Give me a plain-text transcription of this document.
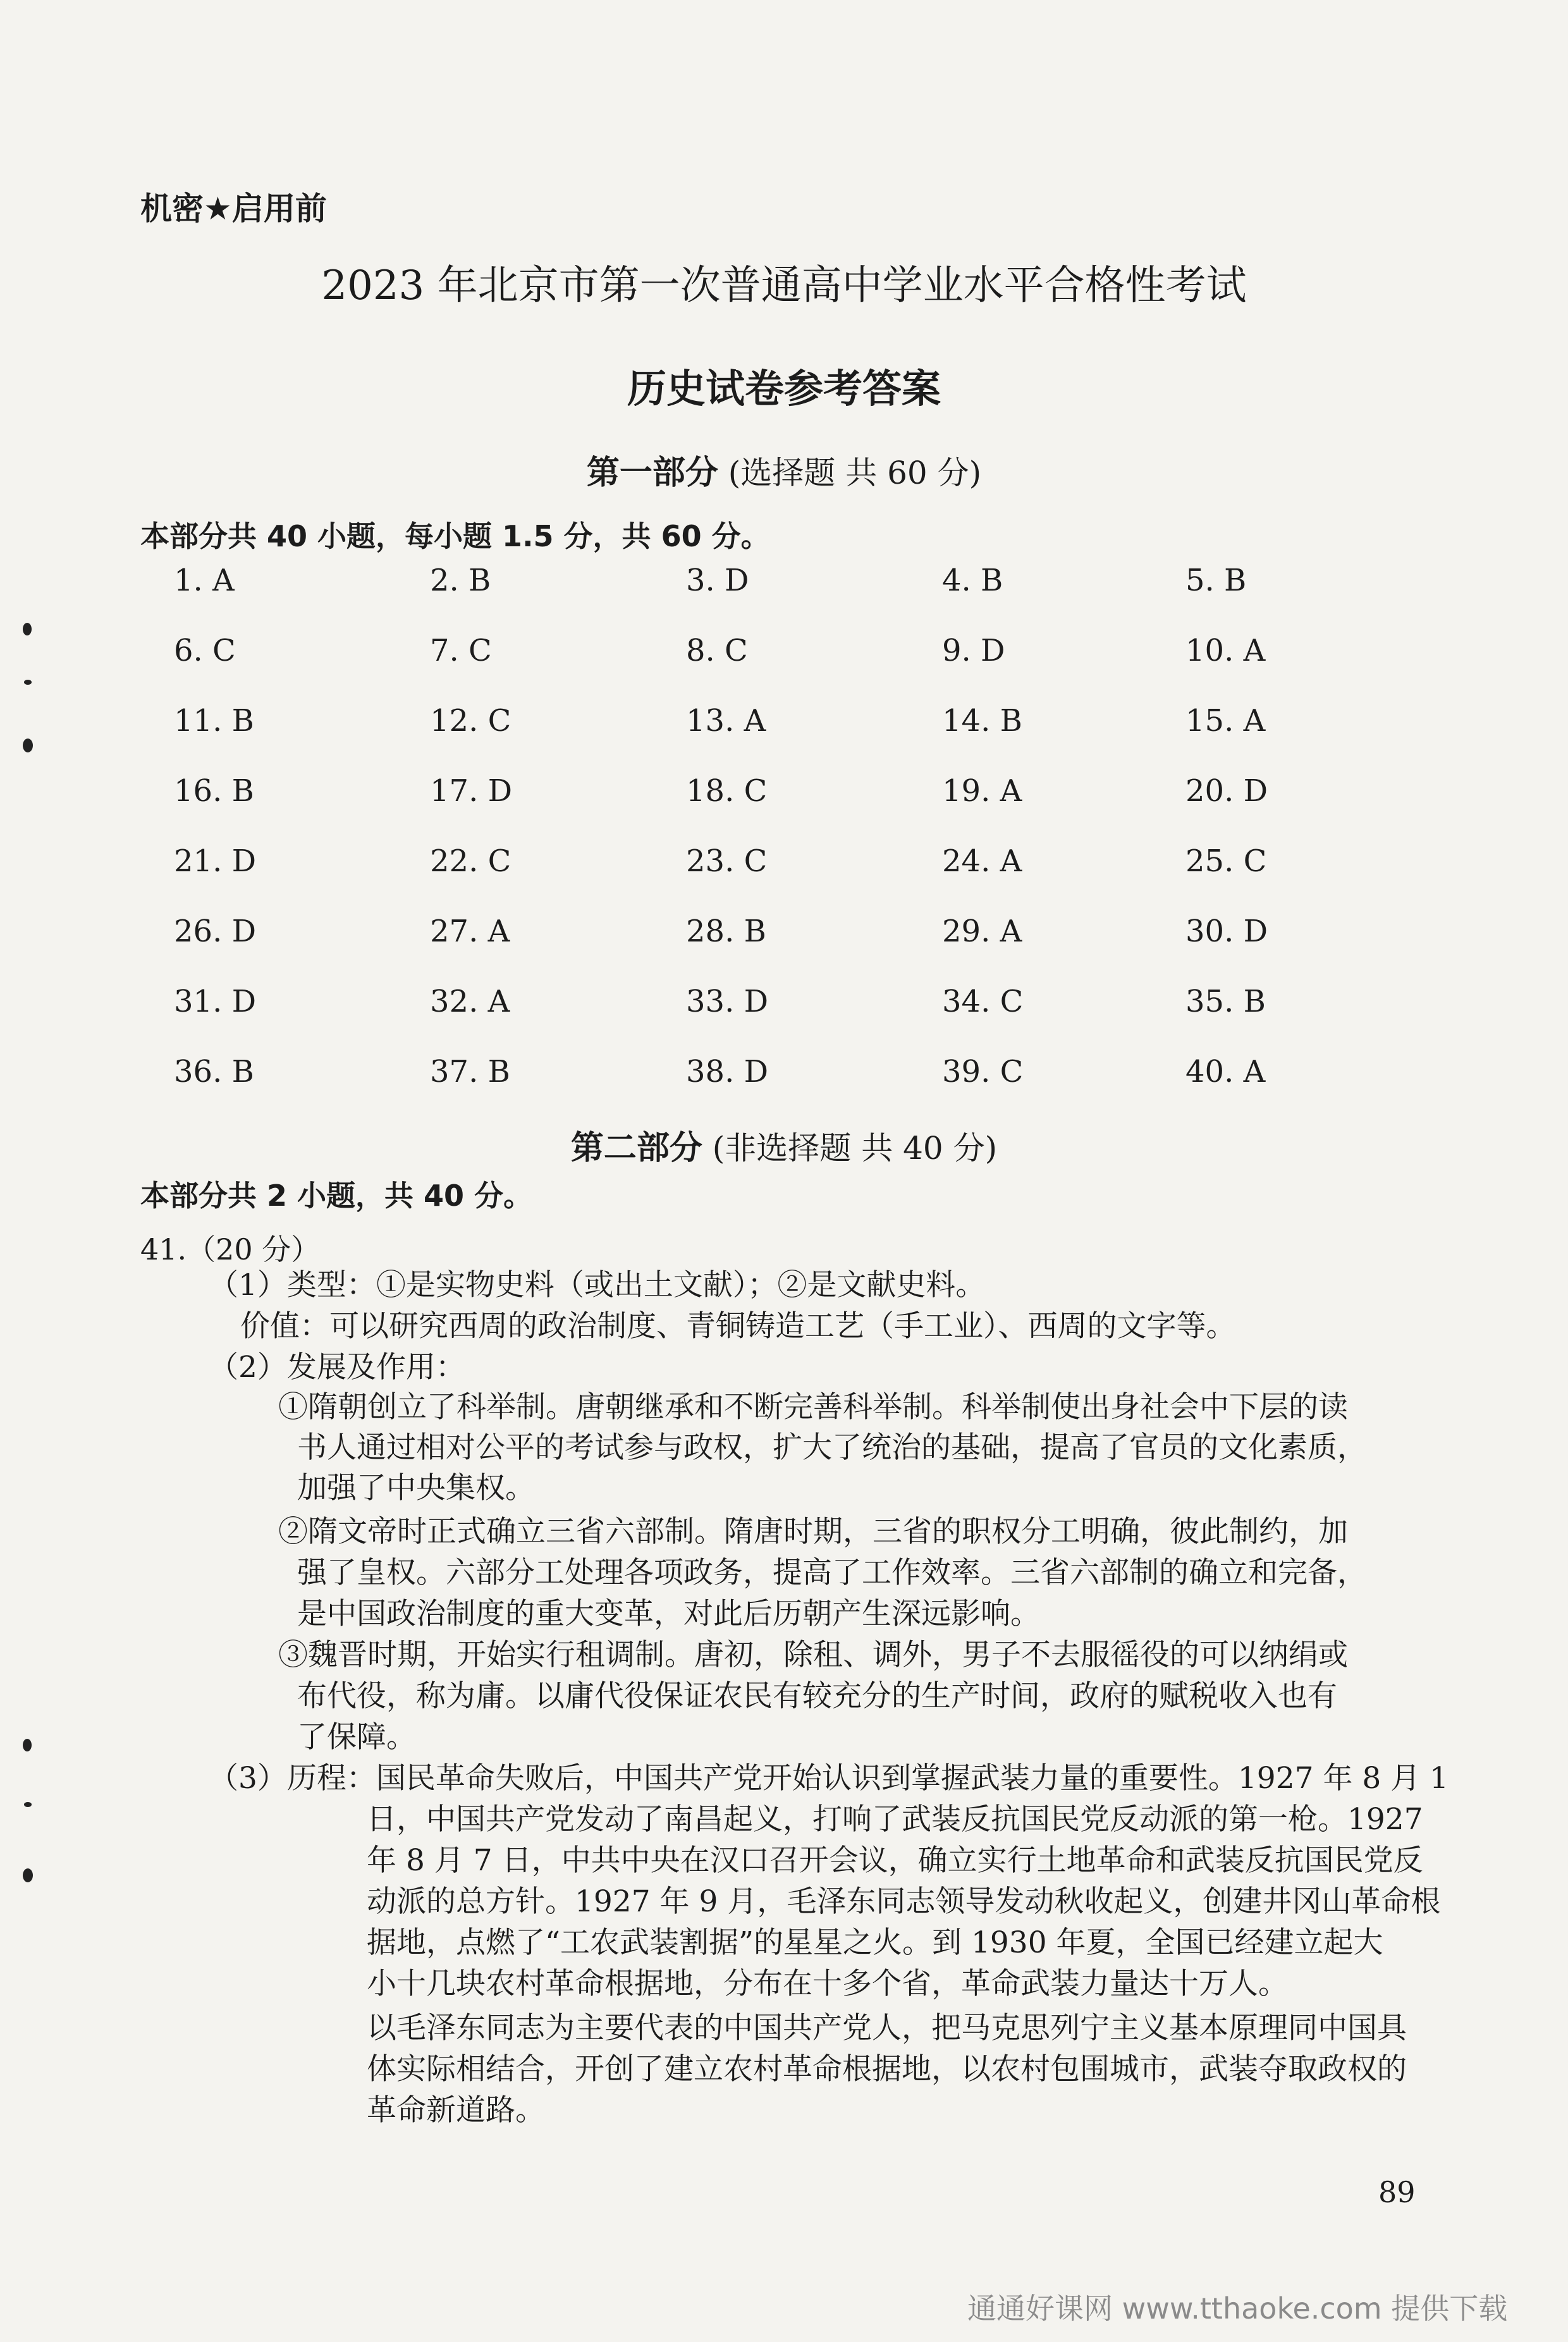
机密★启用前
2023 年北京市第一次普通高中学业水平合格性考试
历史试卷参考答案
第一部分 (选择题 共 60 分)
本部分共 40 小题，每小题 1.5 分，共 60 分。
1. A	2. B	3. D	4. B	5. B
6. C	7. C	8. C	9. D	10. A
11. B	12. C	13. A	14. B	15. A
16. B	17. D	18. C	19. A	20. D
21. D	22. C	23. C	24. A	25. C
26. D	27. A	28. B	29. A	30. D
31. D	32. A	33. D	34. C	35. B
36. B	37. B	38. D	39. C	40. A
第二部分 (非选择题 共 40 分)
本部分共 2 小题，共 40 分。
41.（20 分）
（1）类型：①是实物史料（或出土文献）；②是文献史料。
价值：可以研究西周的政治制度、青铜铸造工艺（手工业）、西周的文字等。
（2）发展及作用：
①隋朝创立了科举制。唐朝继承和不断完善科举制。科举制使出身社会中下层的读
书人通过相对公平的考试参与政权，扩大了统治的基础，提高了官员的文化素质，
加强了中央集权。
②隋文帝时正式确立三省六部制。隋唐时期，三省的职权分工明确，彼此制约，加
强了皇权。六部分工处理各项政务，提高了工作效率。三省六部制的确立和完备，
是中国政治制度的重大变革，对此后历朝产生深远影响。
③魏晋时期，开始实行租调制。唐初，除租、调外，男子不去服徭役的可以纳绢或
布代役，称为庸。以庸代役保证农民有较充分的生产时间，政府的赋税收入也有
了保障。
（3）历程：国民革命失败后，中国共产党开始认识到掌握武装力量的重要性。1927 年 8 月 1
日，中国共产党发动了南昌起义，打响了武装反抗国民党反动派的第一枪。1927
年 8 月 7 日，中共中央在汉口召开会议，确立实行土地革命和武装反抗国民党反
动派的总方针。1927 年 9 月，毛泽东同志领导发动秋收起义，创建井冈山革命根
据地，点燃了“工农武装割据”的星星之火。到 1930 年夏，全国已经建立起大
小十几块农村革命根据地，分布在十多个省，革命武装力量达十万人。
以毛泽东同志为主要代表的中国共产党人，把马克思列宁主义基本原理同中国具
体实际相结合，开创了建立农村革命根据地，以农村包围城市，武装夺取政权的
革命新道路。
89
通通好课网 www.tthaoke.com 提供下载
